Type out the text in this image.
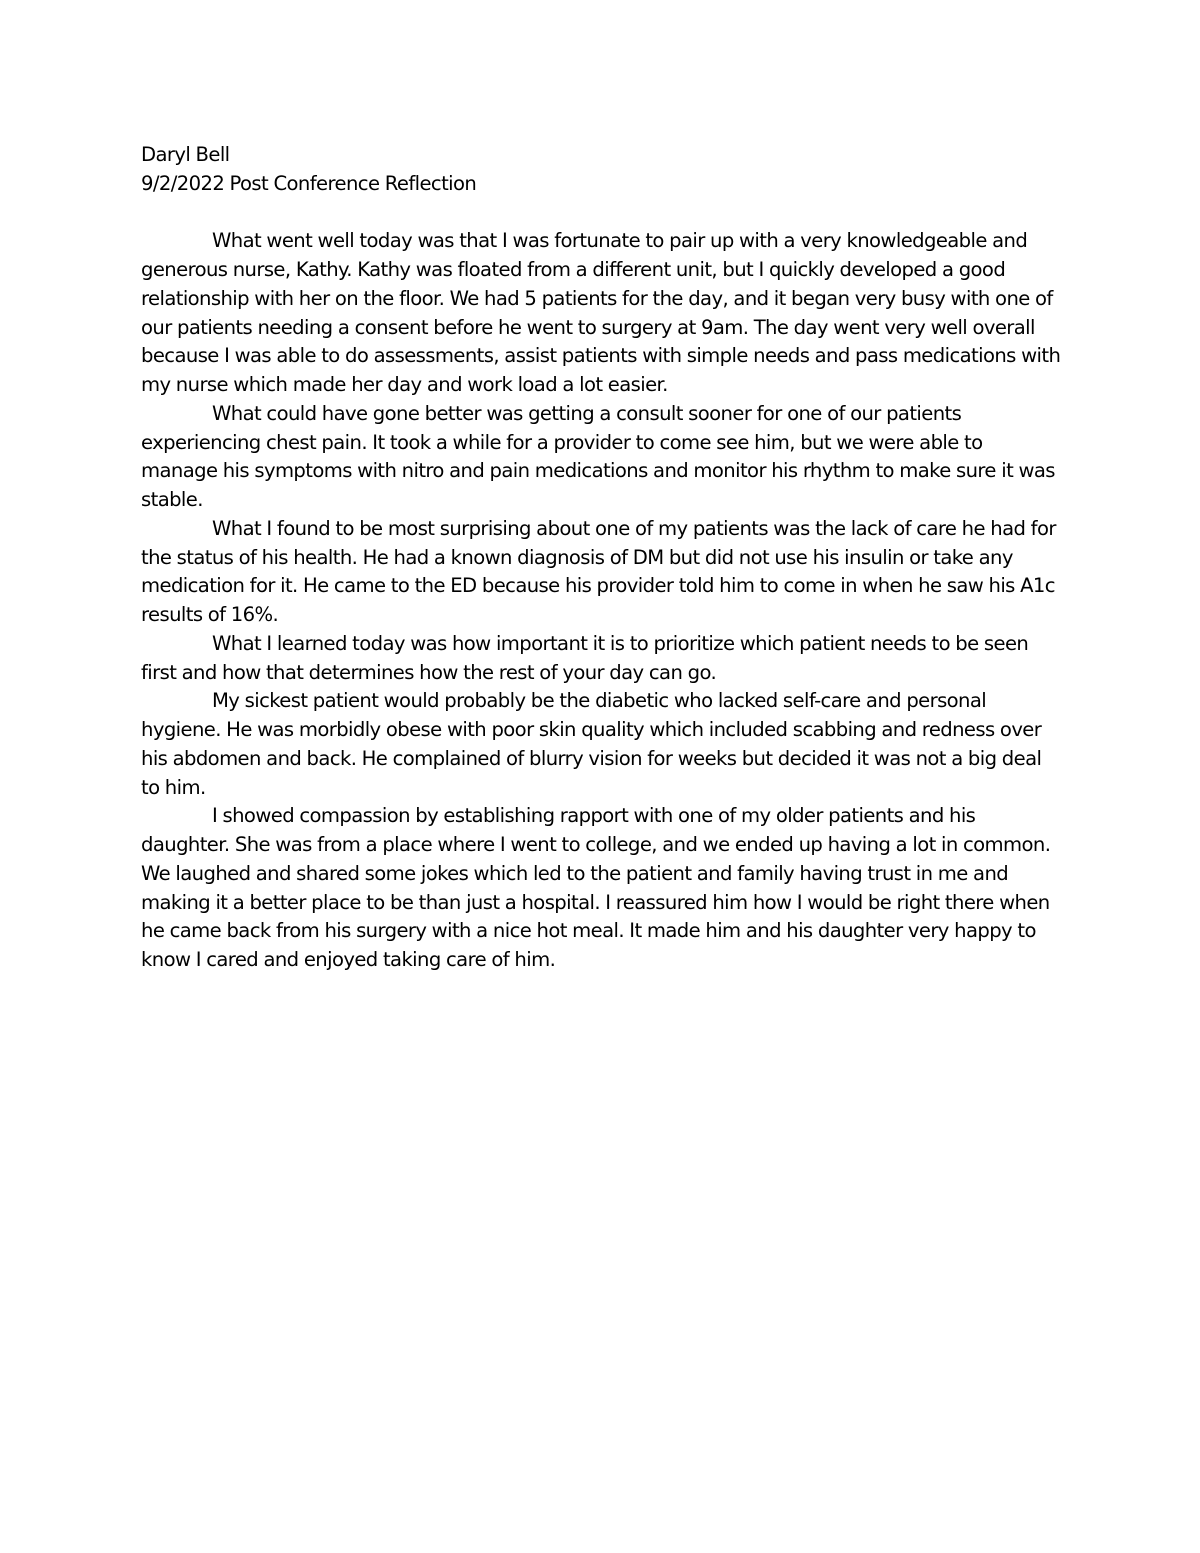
Daryl Bell

9/2/2022 Post Conference Reflection

What went well today was that I was fortunate to pair up with a very knowledgeable and generous nurse, Kathy. Kathy was floated from a different unit, but I quickly developed a good relationship with her on the floor. We had 5 patients for the day, and it began very busy with one of our patients needing a consent before he went to surgery at 9am. The day went very well overall because I was able to do assessments, assist patients with simple needs and pass medications with my nurse which made her day and work load a lot easier.

What could have gone better was getting a consult sooner for one of our patients experiencing chest pain. It took a while for a provider to come see him, but we were able to manage his symptoms with nitro and pain medications and monitor his rhythm to make sure it was stable.

What I found to be most surprising about one of my patients was the lack of care he had for the status of his health. He had a known diagnosis of DM but did not use his insulin or take any medication for it. He came to the ED because his provider told him to come in when he saw his A1c results of 16%.

What I learned today was how important it is to prioritize which patient needs to be seen first and how that determines how the rest of your day can go.

My sickest patient would probably be the diabetic who lacked self-care and personal hygiene. He was morbidly obese with poor skin quality which included scabbing and redness over his abdomen and back. He complained of blurry vision for weeks but decided it was not a big deal to him.

I showed compassion by establishing rapport with one of my older patients and his daughter. She was from a place where I went to college, and we ended up having a lot in common. We laughed and shared some jokes which led to the patient and family having trust in me and making it a better place to be than just a hospital. I reassured him how I would be right there when he came back from his surgery with a nice hot meal. It made him and his daughter very happy to know I cared and enjoyed taking care of him.
